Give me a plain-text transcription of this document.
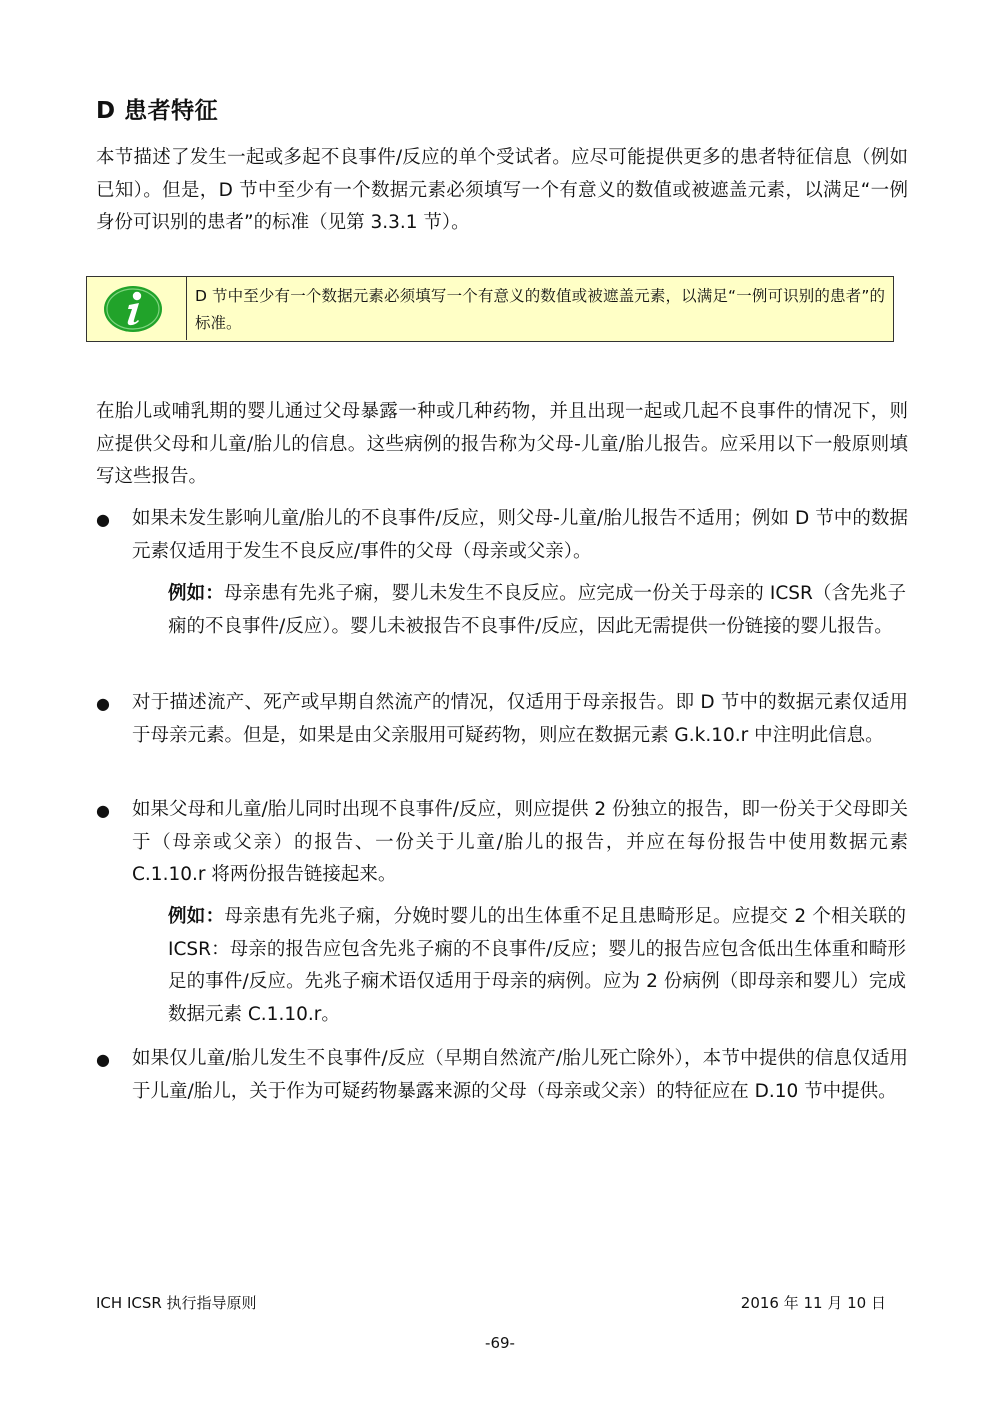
D 患者特征
本节描述了发生一起或多起不良事件/反应的单个受试者。应尽可能提供更多的患者特征信息（例如已知）。但是，D 节中至少有一个数据元素必须填写一个有意义的数值或被遮盖元素，以满足“一例身份可识别的患者”的标准（见第 3.3.1 节）。
D 节中至少有一个数据元素必须填写一个有意义的数值或被遮盖元素，以满足“一例可识别的患者”的标准。
在胎儿或哺乳期的婴儿通过父母暴露一种或几种药物，并且出现一起或几起不良事件的情况下，则应提供父母和儿童/胎儿的信息。这些病例的报告称为父母-儿童/胎儿报告。应采用以下一般原则填写这些报告。
● 如果未发生影响儿童/胎儿的不良事件/反应，则父母-儿童/胎儿报告不适用；例如 D 节中的数据元素仅适用于发生不良反应/事件的父母（母亲或父亲）。
例如：母亲患有先兆子痫，婴儿未发生不良反应。应完成一份关于母亲的 ICSR（含先兆子痫的不良事件/反应）。婴儿未被报告不良事件/反应，因此无需提供一份链接的婴儿报告。
● 对于描述流产、死产或早期自然流产的情况，仅适用于母亲报告。即 D 节中的数据元素仅适用于母亲元素。但是，如果是由父亲服用可疑药物，则应在数据元素 G.k.10.r 中注明此信息。
● 如果父母和儿童/胎儿同时出现不良事件/反应，则应提供 2 份独立的报告，即一份关于父母即关于（母亲或父亲）的报告、一份关于儿童/胎儿的报告，并应在每份报告中使用数据元素 C.1.10.r 将两份报告链接起来。
例如：母亲患有先兆子痫，分娩时婴儿的出生体重不足且患畸形足。应提交 2 个相关联的 ICSR：母亲的报告应包含先兆子痫的不良事件/反应；婴儿的报告应包含低出生体重和畸形足的事件/反应。先兆子痫术语仅适用于母亲的病例。应为 2 份病例（即母亲和婴儿）完成数据元素 C.1.10.r。
● 如果仅儿童/胎儿发生不良事件/反应（早期自然流产/胎儿死亡除外），本节中提供的信息仅适用于儿童/胎儿，关于作为可疑药物暴露来源的父母（母亲或父亲）的特征应在 D.10 节中提供。
ICH ICSR 执行指导原则	2016 年 11 月 10 日
-69-
